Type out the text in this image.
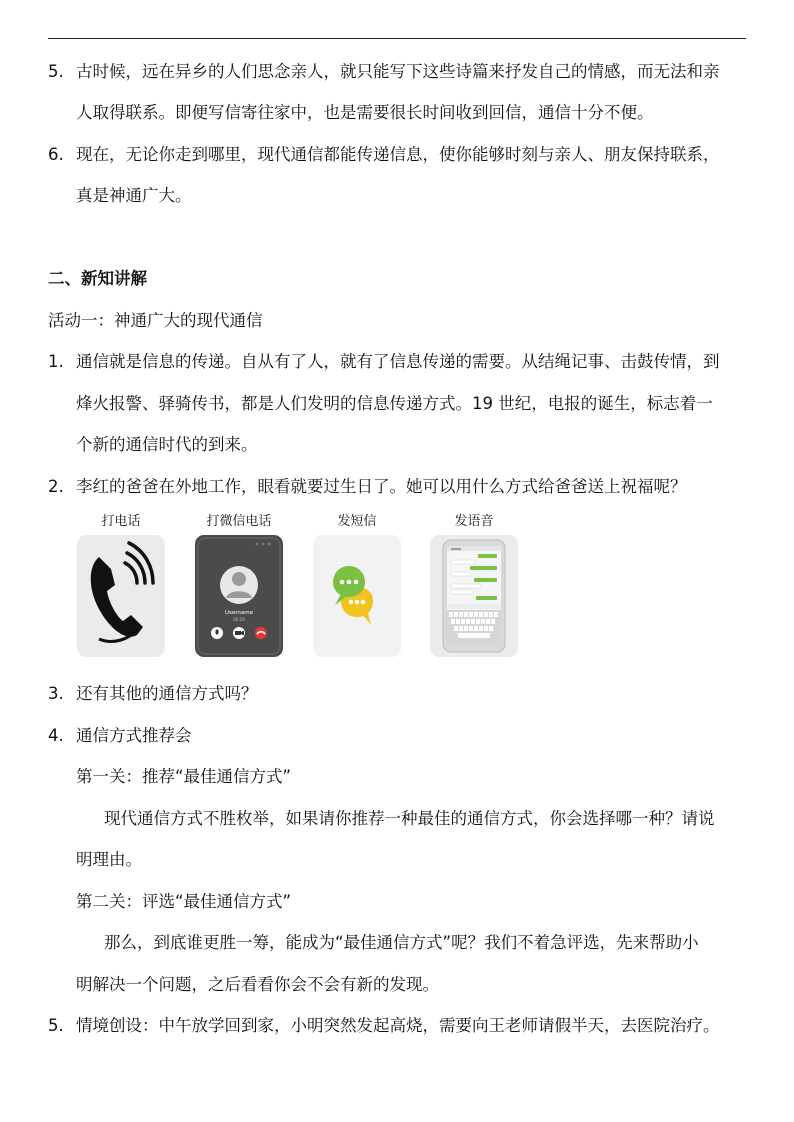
5. 古时候，远在异乡的人们思念亲人，就只能写下这些诗篇来抒发自己的情感，而无法和亲
人取得联系。即便写信寄往家中，也是需要很长时间收到回信，通信十分不便。
6. 现在，无论你走到哪里，现代通信都能传递信息，使你能够时刻与亲人、朋友保持联系，
真是神通广大。
二、新知讲解
活动一：神通广大的现代通信
1. 通信就是信息的传递。自从有了人，就有了信息传递的需要。从结绳记事、击鼓传情，到
烽火报警、驿骑传书，都是人们发明的信息传递方式。19 世纪，电报的诞生，标志着一
个新的通信时代的到来。
2. 李红的爸爸在外地工作，眼看就要过生日了。她可以用什么方式给爸爸送上祝福呢？
打电话	打微信电话	发短信	发语音
Username
00:29
3. 还有其他的通信方式吗？
4. 通信方式推荐会
第一关：推荐“最佳通信方式”
现代通信方式不胜枚举，如果请你推荐一种最佳的通信方式，你会选择哪一种？请说
明理由。
第二关：评选“最佳通信方式”
那么，到底谁更胜一筹，能成为“最佳通信方式”呢？我们不着急评选，先来帮助小
明解决一个问题，之后看看你会不会有新的发现。
5. 情境创设：中午放学回到家，小明突然发起高烧，需要向王老师请假半天，去医院治疗。
